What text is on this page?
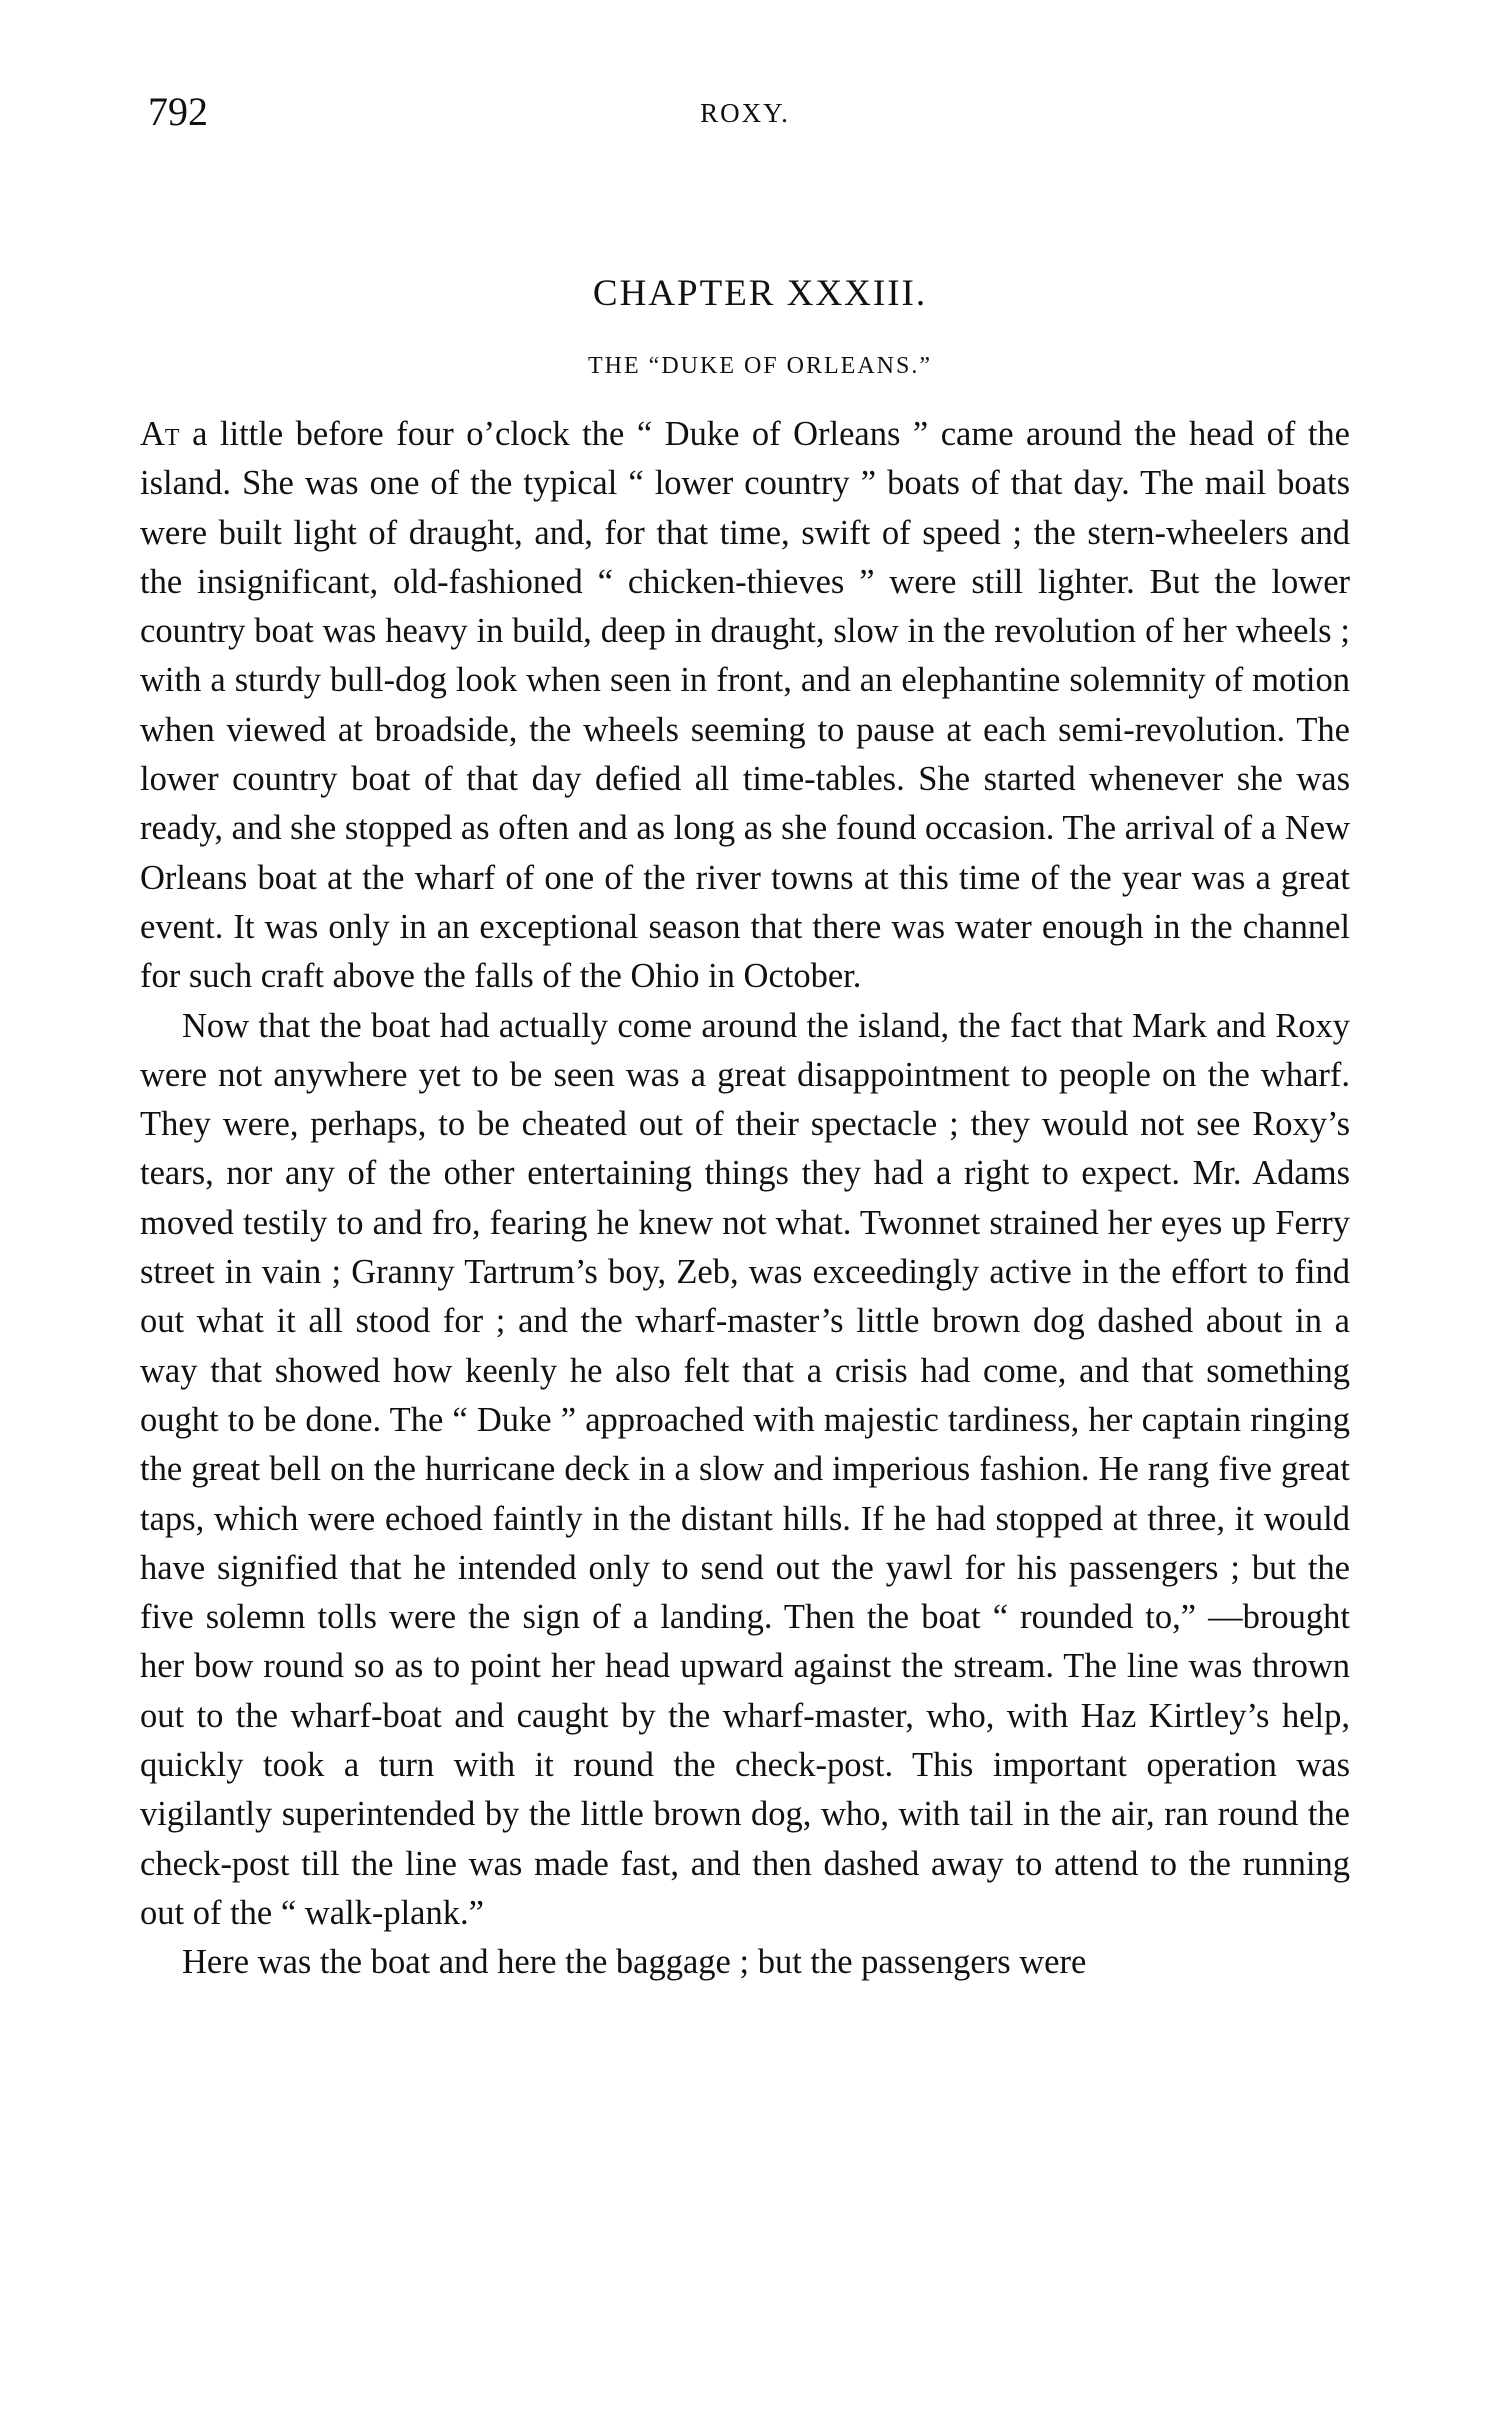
792	ROXY.
CHAPTER XXXIII.
THE “DUKE OF ORLEANS.”

At a little before four o’clock the “ Duke of Orleans ” came around the head of the island. She was one of the typical “ lower country ” boats of that day. The mail boats were built light of draught, and, for that time, swift of speed ; the stern-wheelers and the insignificant, old-fashioned “ chicken-thieves ” were still lighter. But the lower country boat was heavy in build, deep in draught, slow in the revolution of her wheels ; with a sturdy bull-dog look when seen in front, and an elephantine solemnity of motion when viewed at broadside, the wheels seeming to pause at each semi-revolution. The lower country boat of that day defied all time-tables. She started whenever she was ready, and she stopped as often and as long as she found occasion. The arrival of a New Orleans boat at the wharf of one of the river towns at this time of the year was a great event. It was only in an exceptional season that there was water enough in the channel for such craft above the falls of the Ohio in October.

Now that the boat had actually come around the island, the fact that Mark and Roxy were not anywhere yet to be seen was a great disappointment to people on the wharf. They were, perhaps, to be cheated out of their spectacle ; they would not see Roxy’s tears, nor any of the other entertaining things they had a right to expect. Mr. Adams moved testily to and fro, fearing he knew not what. Twonnet strained her eyes up Ferry street in vain ; Granny Tartrum’s boy, Zeb, was exceedingly active in the effort to find out what it all stood for ; and the wharf-master’s little brown dog dashed about in a way that showed how keenly he also felt that a crisis had come, and that something ought to be done. The “ Duke ” approached with majestic tardiness, her captain ringing the great bell on the hurricane deck in a slow and imperious fashion. He rang five great taps, which were echoed faintly in the distant hills. If he had stopped at three, it would have signified that he intended only to send out the yawl for his passengers ; but the five solemn tolls were the sign of a landing. Then the boat “ rounded to,” —brought her bow round so as to point her head upward against the stream. The line was thrown out to the wharf-boat and caught by the wharf-master, who, with Haz Kirtley’s help, quickly took a turn with it round the check-post. This important operation was vigilantly superintended by the little brown dog, who, with tail in the air, ran round the check-post till the line was made fast, and then dashed away to attend to the running out of the “ walk-plank.”

Here was the boat and here the baggage ; but the passengers were
